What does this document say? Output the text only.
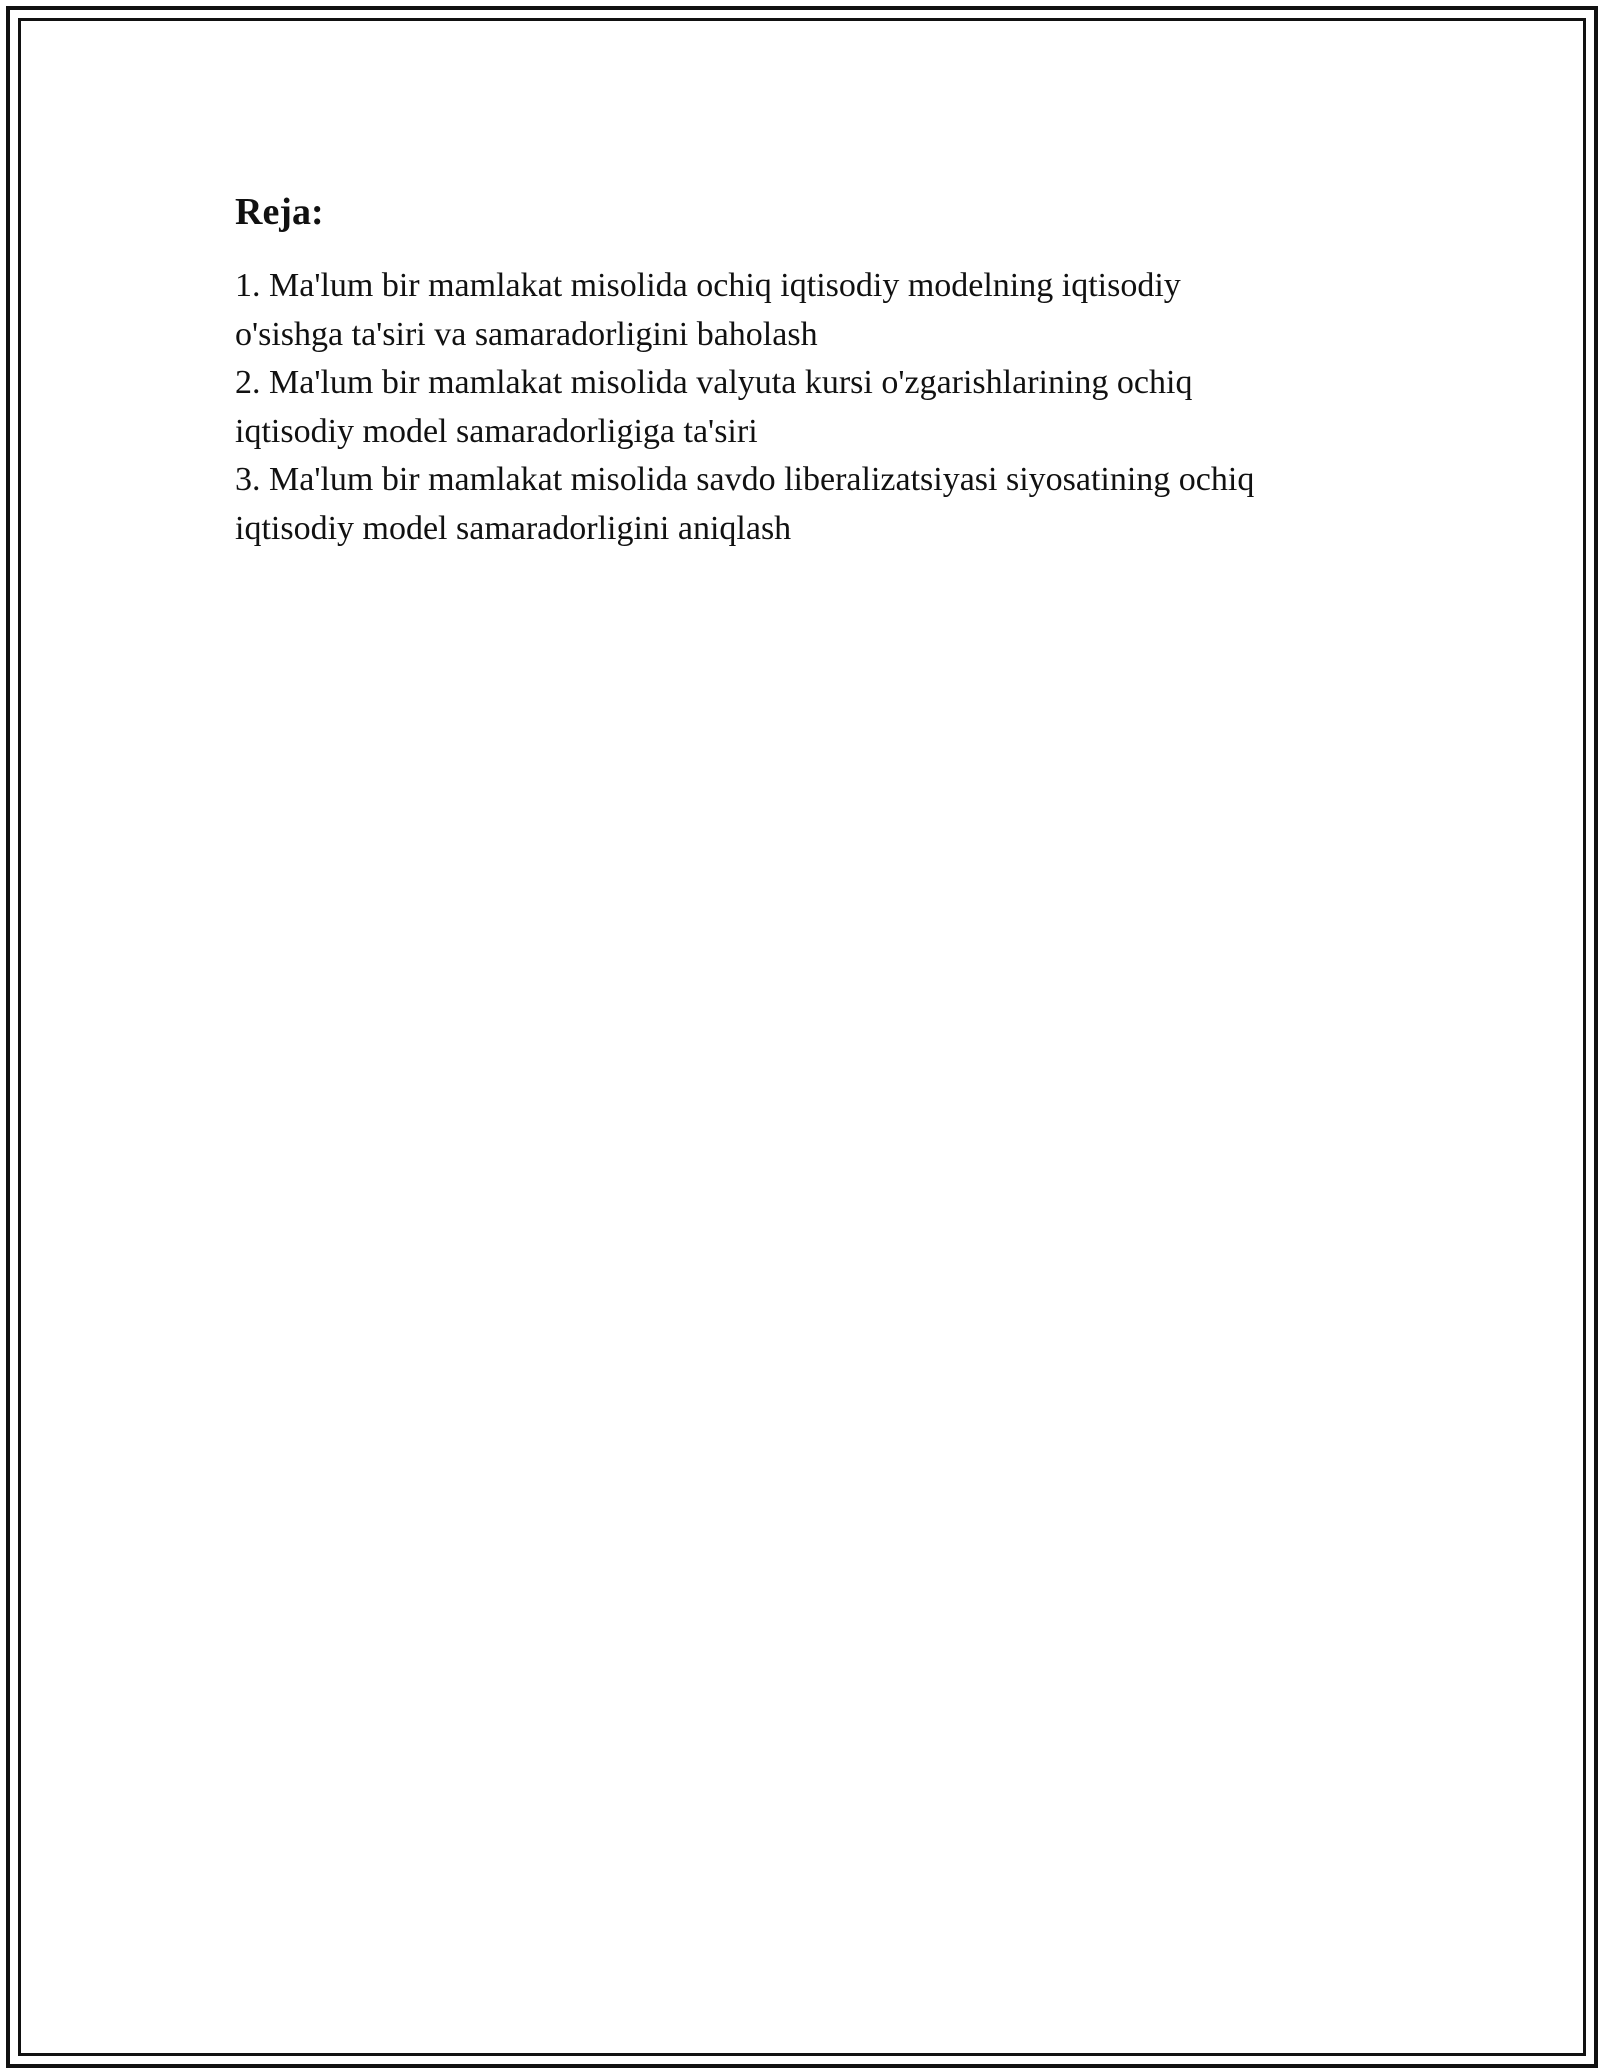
Reja:
1. Ma'lum bir mamlakat misolida ochiq iqtisodiy modelning iqtisodiy
o'sishga ta'siri va samaradorligini baholash
2. Ma'lum bir mamlakat misolida valyuta kursi o'zgarishlarining ochiq
iqtisodiy model samaradorligiga ta'siri
3. Ma'lum bir mamlakat misolida savdo liberalizatsiyasi siyosatining ochiq
iqtisodiy model samaradorligini aniqlash
